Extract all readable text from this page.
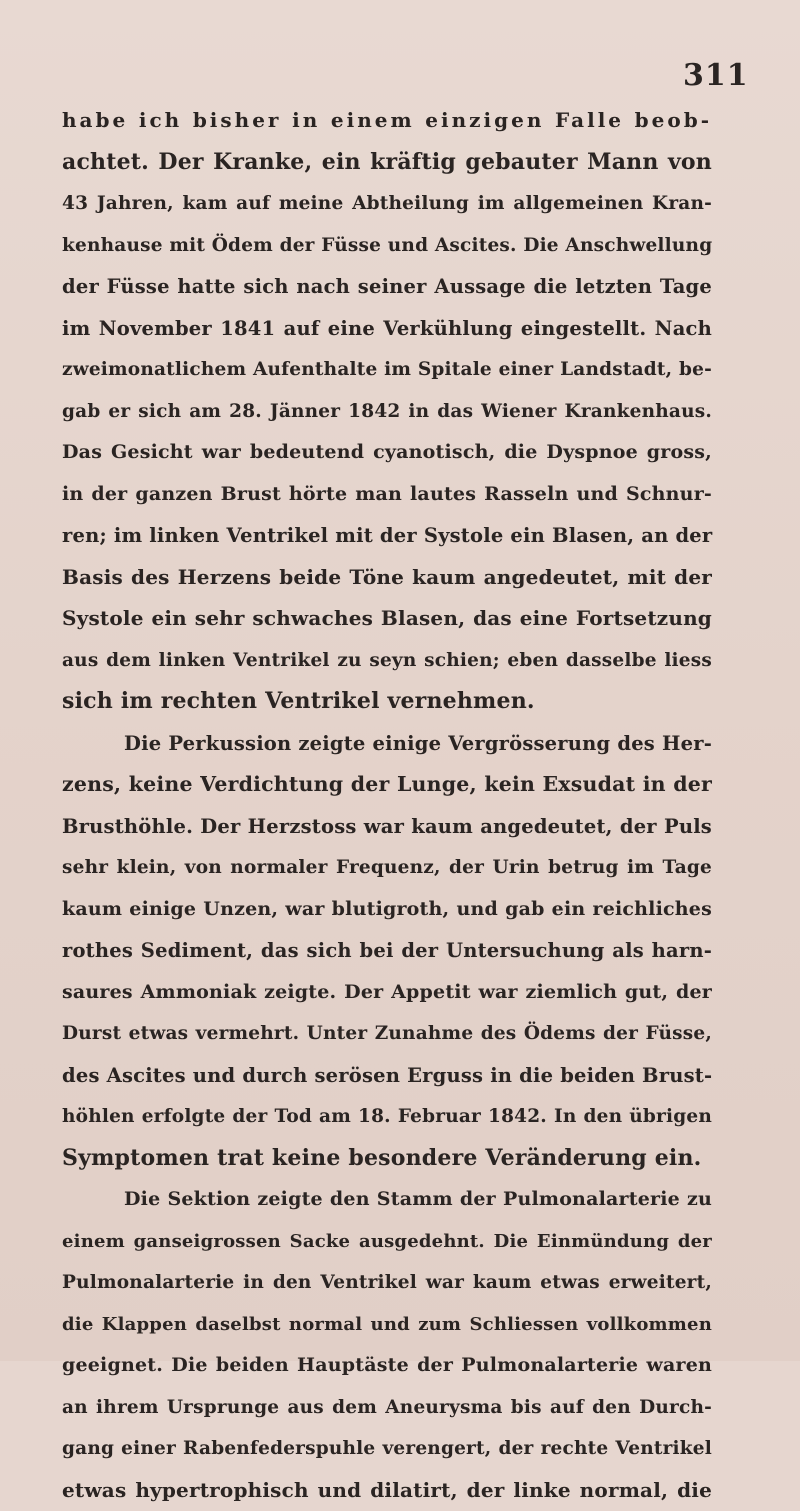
311
habe ich bisher in einem einzigen Falle beob-
achtet. Der Kranke, ein kräftig gebauter Mann von
43 Jahren, kam auf meine Abtheilung im allgemeinen Kran-
kenhause mit Ödem der Füsse und Ascites. Die Anschwellung
der Füsse hatte sich nach seiner Aussage die letzten Tage
im November 1841 auf eine Verkühlung eingestellt. Nach
zweimonatlichem Aufenthalte im Spitale einer Landstadt, be-
gab er sich am 28. Jänner 1842 in das Wiener Krankenhaus.
Das Gesicht war bedeutend cyanotisch, die Dyspnoe gross,
in der ganzen Brust hörte man lautes Rasseln und Schnur-
ren; im linken Ventrikel mit der Systole ein Blasen, an der
Basis des Herzens beide Töne kaum angedeutet, mit der
Systole ein sehr schwaches Blasen, das eine Fortsetzung
aus dem linken Ventrikel zu seyn schien; eben dasselbe liess
sich im rechten Ventrikel vernehmen.
Die Perkussion zeigte einige Vergrösserung des Her-
zens, keine Verdichtung der Lunge, kein Exsudat in der
Brusthöhle. Der Herzstoss war kaum angedeutet, der Puls
sehr klein, von normaler Frequenz, der Urin betrug im Tage
kaum einige Unzen, war blutigroth, und gab ein reichliches
rothes Sediment, das sich bei der Untersuchung als harn-
saures Ammoniak zeigte. Der Appetit war ziemlich gut, der
Durst etwas vermehrt. Unter Zunahme des Ödems der Füsse,
des Ascites und durch serösen Erguss in die beiden Brust-
höhlen erfolgte der Tod am 18. Februar 1842. In den übrigen
Symptomen trat keine besondere Veränderung ein.
Die Sektion zeigte den Stamm der Pulmonalarterie zu
einem ganseigrossen Sacke ausgedehnt. Die Einmündung der
Pulmonalarterie in den Ventrikel war kaum etwas erweitert,
die Klappen daselbst normal und zum Schliessen vollkommen
geeignet. Die beiden Hauptäste der Pulmonalarterie waren
an ihrem Ursprunge aus dem Aneurysma bis auf den Durch-
gang einer Rabenfederspuhle verengert, der rechte Ventrikel
etwas hypertrophisch und dilatirt, der linke normal, die
